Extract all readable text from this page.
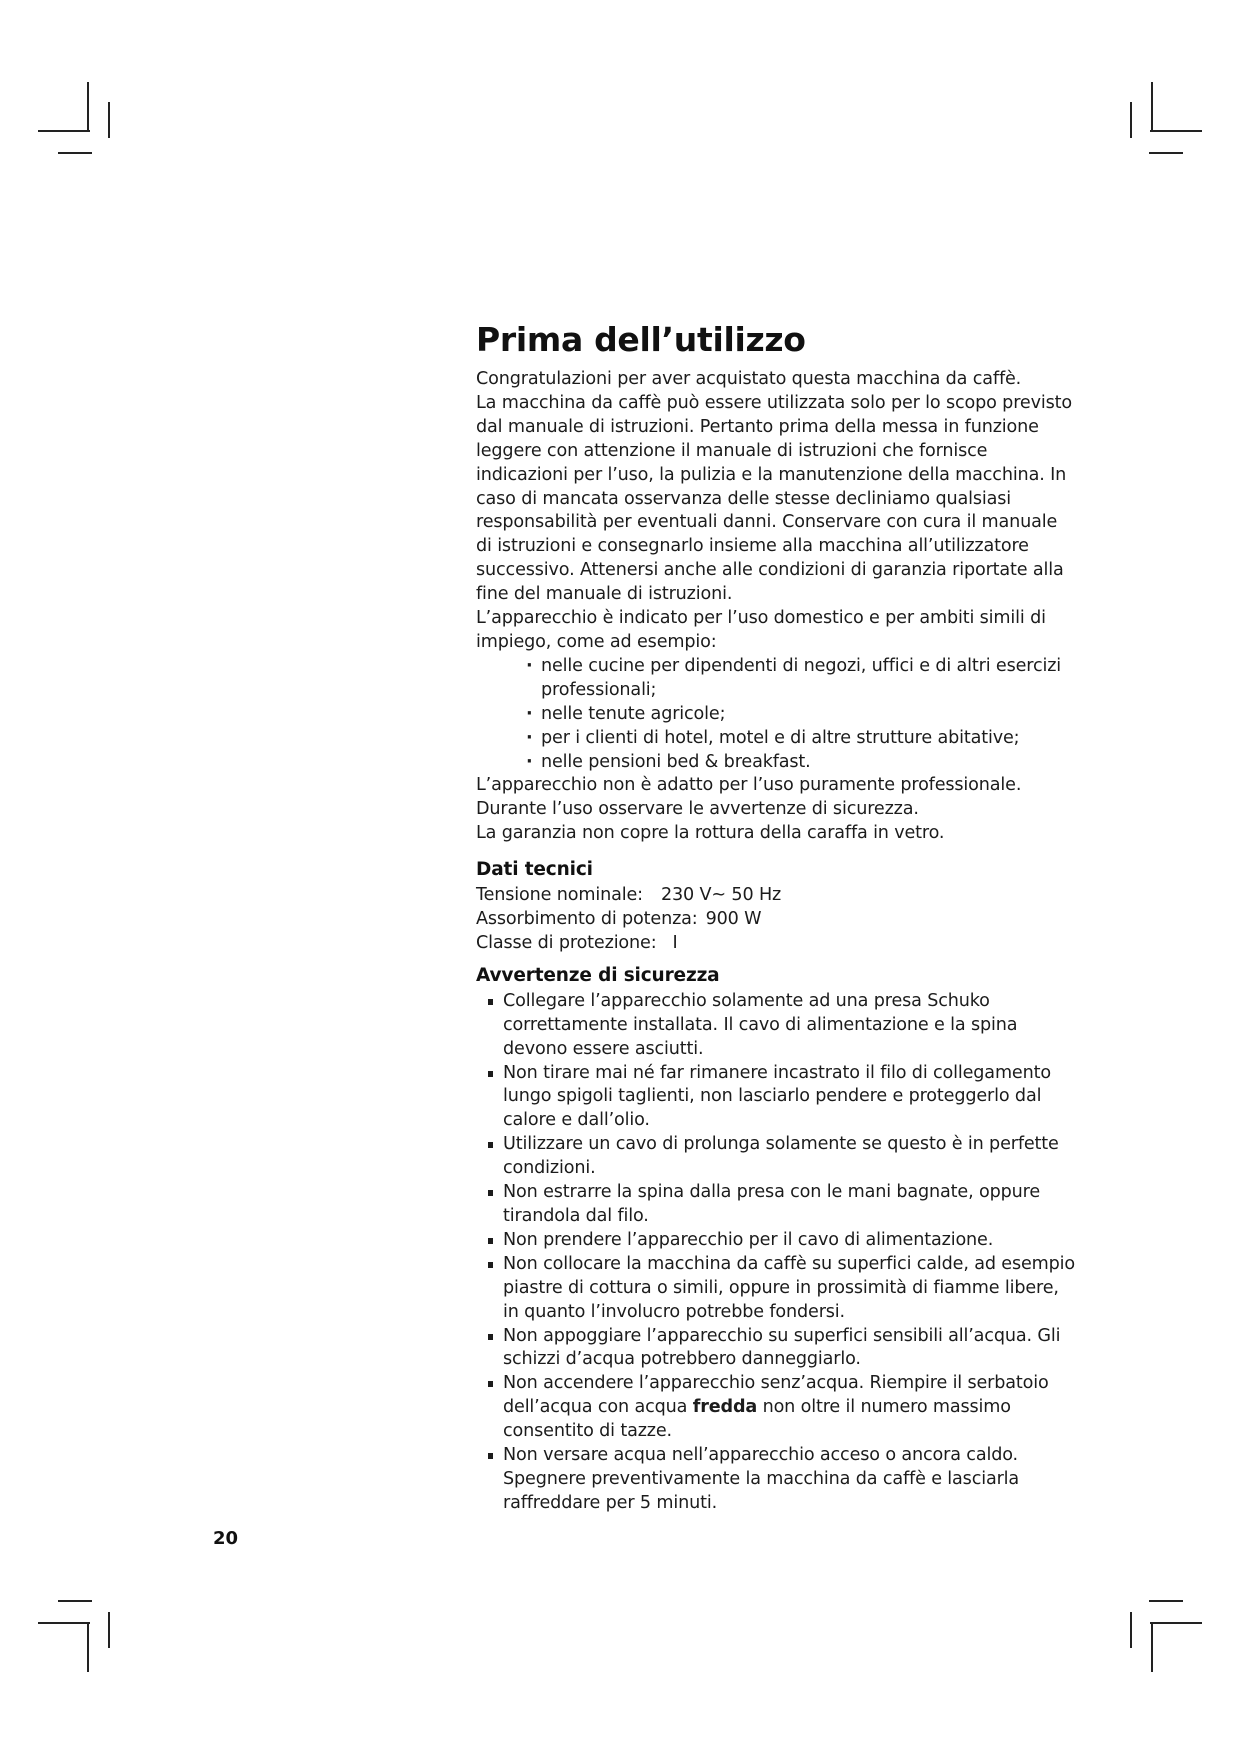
Prima dell’utilizzo

Congratulazioni per aver acquistato questa macchina da caffè.

La macchina da caffè può essere utilizzata solo per lo scopo previsto dal manuale di istruzioni. Pertanto prima della messa in funzione leggere con attenzione il manuale di istruzioni che fornisce indicazioni per l’uso, la pulizia e la manutenzione della macchina. In caso di mancata osservanza delle stesse decliniamo qualsiasi responsabilità per eventuali danni. Conservare con cura il manuale di istruzioni e consegnarlo insieme alla macchina all’utilizzatore successivo. Attenersi anche alle condizioni di garanzia riportate alla fine del manuale di istruzioni.

L’apparecchio è indicato per l’uso domestico e per ambiti simili di impiego, come ad esempio:

· nelle cucine per dipendenti di negozi, uffici e di altri esercizi professionali;
· nelle tenute agricole;
· per i clienti di hotel, motel e di altre strutture abitative;
· nelle pensioni bed & breakfast.

L’apparecchio non è adatto per l’uso puramente professionale.

Durante l’uso osservare le avvertenze di sicurezza.

La garanzia non copre la rottura della caraffa in vetro.

Dati tecnici

Tensione nominale: 230 V~ 50 Hz

Assorbimento di potenza: 900 W

Classe di protezione: I

Avvertenze di sicurezza
Collegare l’apparecchio solamente ad una presa Schuko correttamente installata. Il cavo di alimentazione e la spina devono essere asciutti.
Non tirare mai né far rimanere incastrato il filo di collegamento lungo spigoli taglienti, non lasciarlo pendere e proteggerlo dal calore e dall’olio.
Utilizzare un cavo di prolunga solamente se questo è in perfette condizioni.
Non estrarre la spina dalla presa con le mani bagnate, oppure tirandola dal filo.
Non prendere l’apparecchio per il cavo di alimentazione.
Non collocare la macchina da caffè su superfici calde, ad esempio piastre di cottura o simili, oppure in prossimità di fiamme libere, in quanto l’involucro potrebbe fondersi.
Non appoggiare l’apparecchio su superfici sensibili all’acqua. Gli schizzi d’acqua potrebbero danneggiarlo.
Non accendere l’apparecchio senz’acqua. Riempire il serbatoio dell’acqua con acqua fredda non oltre il numero massimo consentito di tazze.
Non versare acqua nell’apparecchio acceso o ancora caldo. Spegnere preventivamente la macchina da caffè e lasciarla raffreddare per 5 minuti.
20
